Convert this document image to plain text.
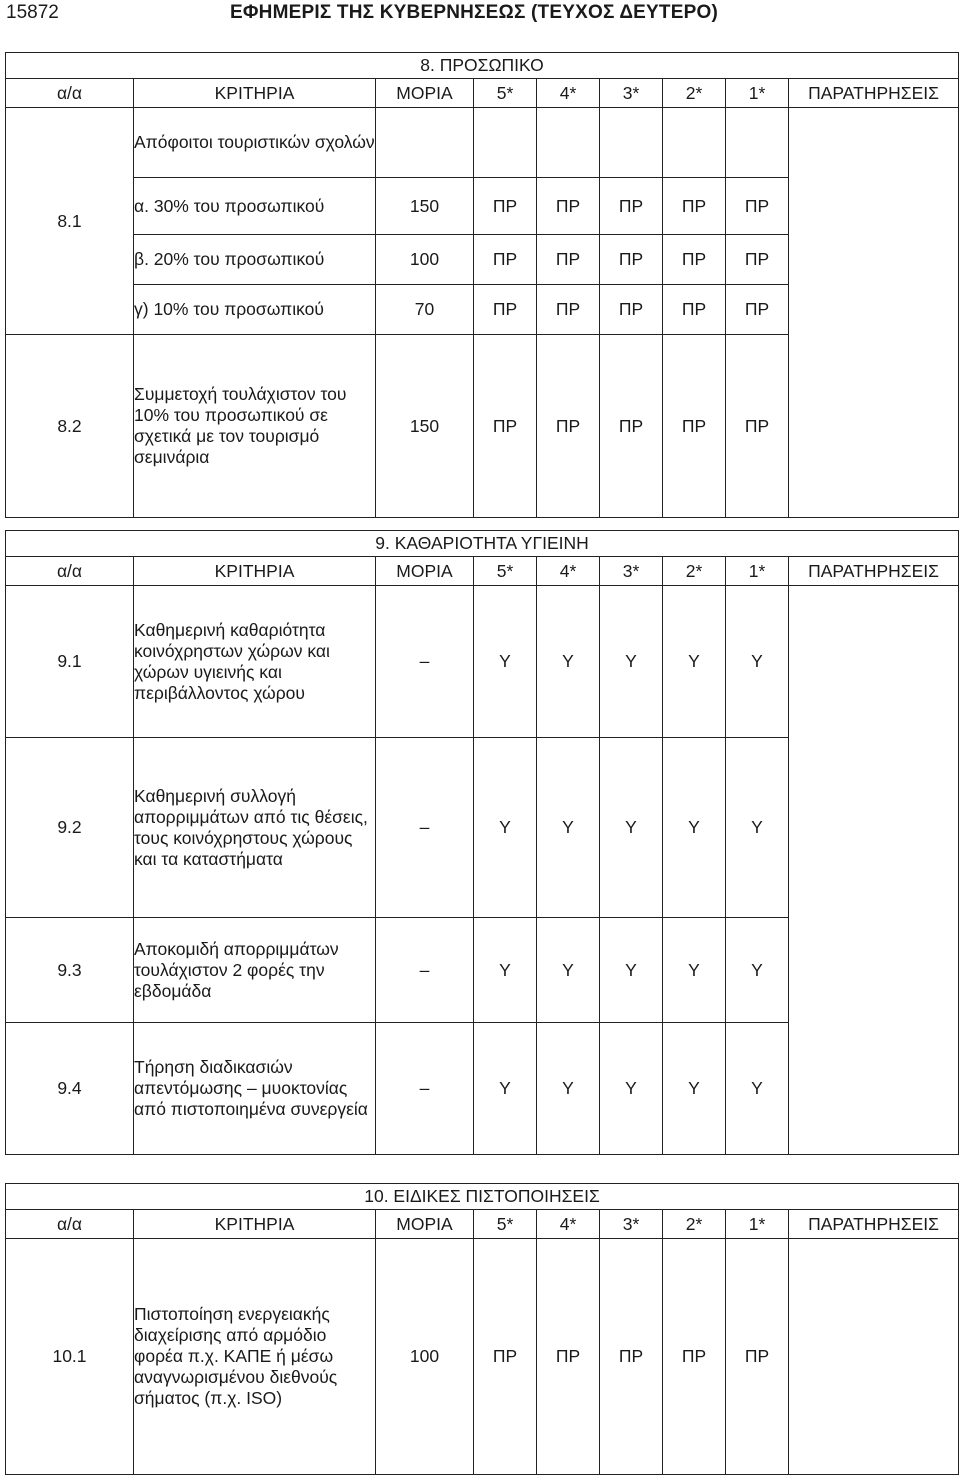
15872	ΕΦΗΜΕΡΙΣ ΤΗΣ ΚΥΒΕΡΝΗΣΕΩΣ (ΤΕΥΧΟΣ ΔΕΥΤΕΡΟ)
8. ΠΡΟΣΩΠΙΚΟ								
α/α	ΚΡΙΤΗΡΙΑ	ΜΟΡΙΑ	5*	4*	3*	2*	1*	ΠΑΡΑΤΗΡΗΣΕΙΣ
8.1	Απόφοιτοι τουριστικών σχολών							
	α. 30% του προσωπικού	150	ΠΡ	ΠΡ	ΠΡ	ΠΡ	ΠΡ	
	β. 20% του προσωπικού	100	ΠΡ	ΠΡ	ΠΡ	ΠΡ	ΠΡ	
	γ) 10% του προσωπικού	70	ΠΡ	ΠΡ	ΠΡ	ΠΡ	ΠΡ	
8.2	Συμμετοχή τουλάχιστον του 10% του προσωπικού σε σχετικά με τον τουρισμό σεμινάρια	150	ΠΡ	ΠΡ	ΠΡ	ΠΡ	ΠΡ	
9. ΚΑΘΑΡΙΟΤΗΤΑ ΥΓΙΕΙΝΗ								
α/α	ΚΡΙΤΗΡΙΑ	ΜΟΡΙΑ	5*	4*	3*	2*	1*	ΠΑΡΑΤΗΡΗΣΕΙΣ
9.1	Καθημερινή καθαριότητα κοινόχρηστων χώρων και χώρων υγιεινής και περιβάλλοντος χώρου	–	Υ	Υ	Υ	Υ	Υ	
9.2	Καθημερινή συλλογή απορριμμάτων από τις θέσεις, τους κοινόχρηστους χώρους και τα καταστήματα	–	Υ	Υ	Υ	Υ	Υ	
9.3	Αποκομιδή απορριμμάτων τουλάχιστον 2 φορές την εβδομάδα	–	Υ	Υ	Υ	Υ	Υ	
9.4	Τήρηση διαδικασιών απεντόμωσης – μυοκτονίας από πιστοποιημένα συνεργεία	–	Υ	Υ	Υ	Υ	Υ	
10. ΕΙΔΙΚΕΣ ΠΙΣΤΟΠΟΙΗΣΕΙΣ								
α/α	ΚΡΙΤΗΡΙΑ	ΜΟΡΙΑ	5*	4*	3*	2*	1*	ΠΑΡΑΤΗΡΗΣΕΙΣ
10.1	Πιστοποίηση ενεργειακής διαχείρισης από αρμόδιο φορέα π.χ. ΚΑΠΕ ή μέσω αναγνωρισμένου διεθνούς σήματος (π.χ. ISO)	100	ΠΡ	ΠΡ	ΠΡ	ΠΡ	ΠΡ	
